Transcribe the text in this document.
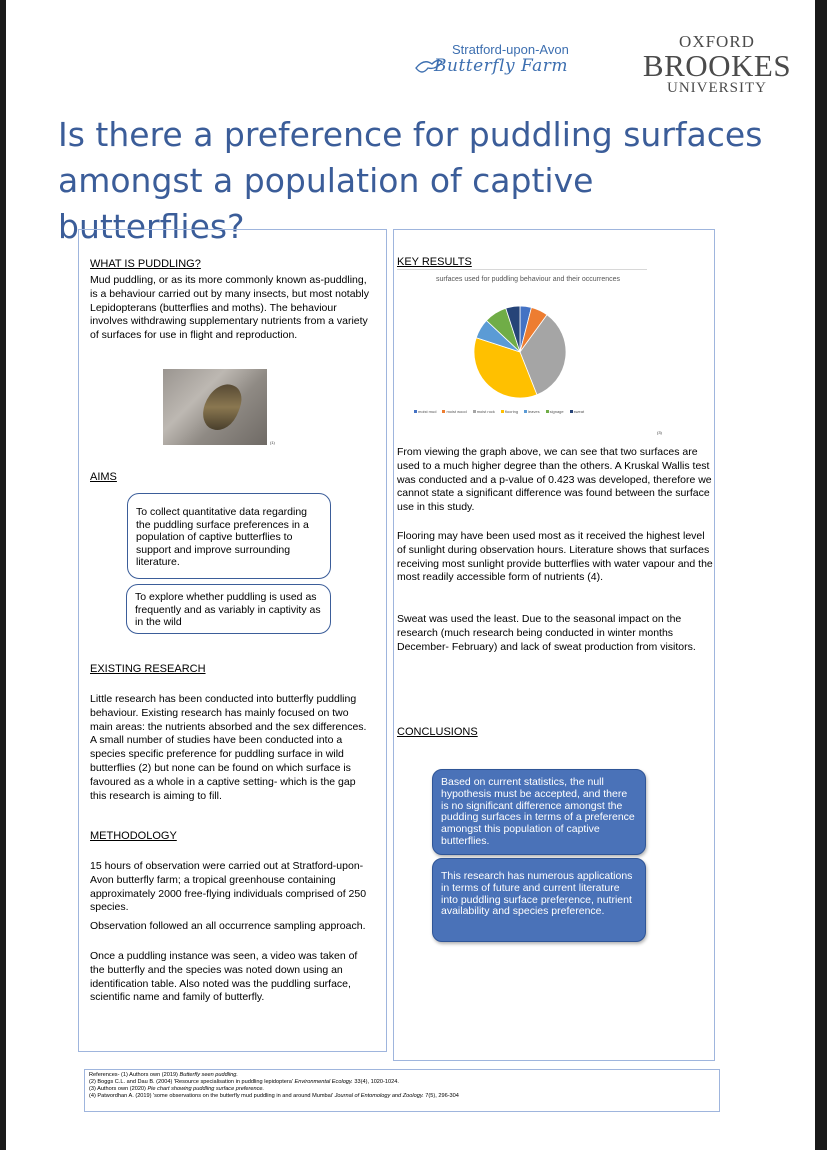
Stratford-upon-Avon
Butterfly Farm
OXFORD
BROOKES
UNIVERSITY
Is there a preference for puddling surfaces
amongst a population of captive butterflies?
WHAT IS PUDDLING?
Mud puddling, or as its more commonly known as-puddling, is a behaviour carried out by many insects, but most notably Lepidopterans (butterflies and moths). The behaviour involves withdrawing supplementary nutrients from a variety of surfaces for use in flight and reproduction.
(1)
AIMS
To collect quantitative data regarding the puddling surface preferences in a population of captive butterflies to support and improve surrounding literature.
To explore whether puddling is used as frequently and as variably in captivity as in the wild
EXISTING RESEARCH
Little research has been conducted into butterfly puddling behaviour. Existing research has mainly focused on two main areas: the nutrients absorbed and the sex differences. A small number of studies have been conducted into a species specific preference for puddling surface in wild butterflies (2) but none can be found on which surface is favoured as a whole in a captive setting- which is the gap this research is aiming to fill.
METHODOLOGY
15 hours of observation were carried out at Stratford-upon-Avon butterfly farm; a tropical greenhouse containing approximately 2000 free-flying individuals comprised of 250 species.
Observation followed an all occurrence sampling approach.
Once a puddling instance was seen, a video was taken of the butterfly and the species was noted down using an identification table. Also noted was the puddling surface, scientific name and family of butterfly.
KEY RESULTS
surfaces used for puddling behaviour and their occurrences
moist mud	moist wood	moist rock	flooring	leaves	signage	sweat
(3)
From viewing the graph above, we can see that two surfaces are used to a much higher degree than the others. A Kruskal Wallis test was conducted and a p-value of 0.423 was developed, therefore we cannot state a significant difference was found between the surface use in this study.
Flooring may have been used most as it received the highest level of sunlight during observation hours. Literature shows that surfaces receiving most sunlight provide butterflies with water vapour and the most readily accessible form of nutrients (4).
Sweat was used the least. Due to the seasonal impact on the research (much research being conducted in winter months December- February) and lack of sweat production from visitors.
CONCLUSIONS
Based on current statistics, the null hypothesis must be accepted, and there is no significant difference amongst the pudding surfaces in terms of a preference amongst this population of captive butterflies.
This research has numerous applications in terms of future and current literature into puddling surface preference, nutrient availability and species preference.
References- (1) Authors own (2019) Butterfly seen puddling.
(2) Boggs C.L. and Dau B. (2004) 'Resource specialisation in puddling lepidoptera' Environmental Ecology. 33(4), 1020-1024.
(3) Authors own (2020) Pie chart showing puddling surface preference.
(4) Patwordhan A. (2019) 'some observations on the butterfly mud puddling in and around Mumbai' Journal of Entomology and Zoology. 7(5), 296-304
